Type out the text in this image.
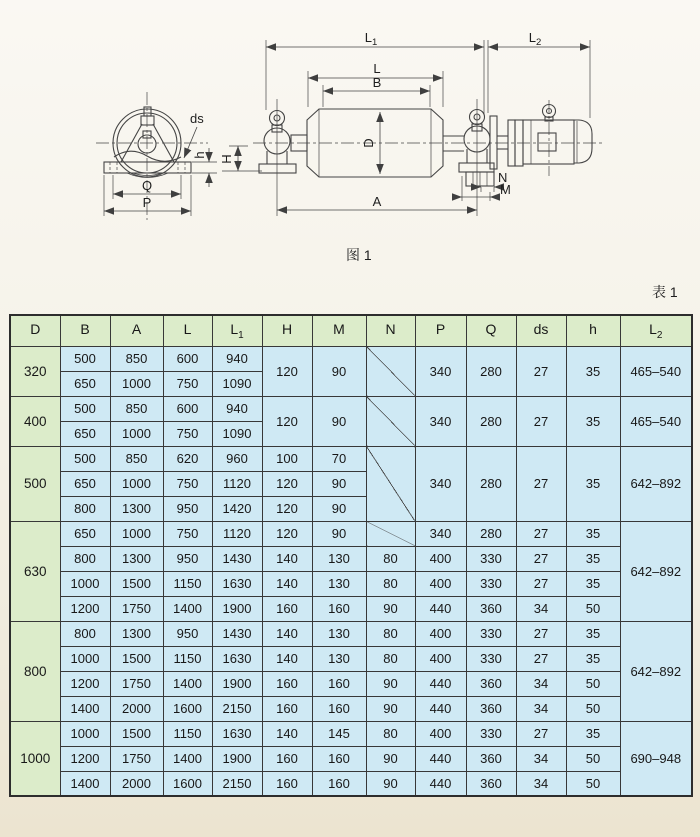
ds
h H
Q
P
D
N
M
A
$L_1$	$L_2$
L
B
图 1
表 1
D	B	A	L	$L_1$	H	M	N	P	Q	ds	h	$L_2$
320	500	850	600	940	120	90		340	280	27	35	465–540
	650	1000	750	1090								
400	500	850	600	940	120	90		340	280	27	35	465–540
	650	1000	750	1090								
500	500	850	620	960	100	70		340	280	27	35	642–892
	650	1000	750	1120	120	90						
	800	1300	950	1420	120	90						
630	650	1000	750	1120	120	90		340	280	27	35	642–892
	800	1300	950	1430	140	130	80	400	330	27	35	
	1000	1500	1150	1630	140	130	80	400	330	27	35	
	1200	1750	1400	1900	160	160	90	440	360	34	50	
800	800	1300	950	1430	140	130	80	400	330	27	35	642–892
	1000	1500	1150	1630	140	130	80	400	330	27	35	
	1200	1750	1400	1900	160	160	90	440	360	34	50	
	1400	2000	1600	2150	160	160	90	440	360	34	50	
1000	1000	1500	1150	1630	140	145	80	400	330	27	35	690–948
	1200	1750	1400	1900	160	160	90	440	360	34	50	
	1400	2000	1600	2150	160	160	90	440	360	34	50	
